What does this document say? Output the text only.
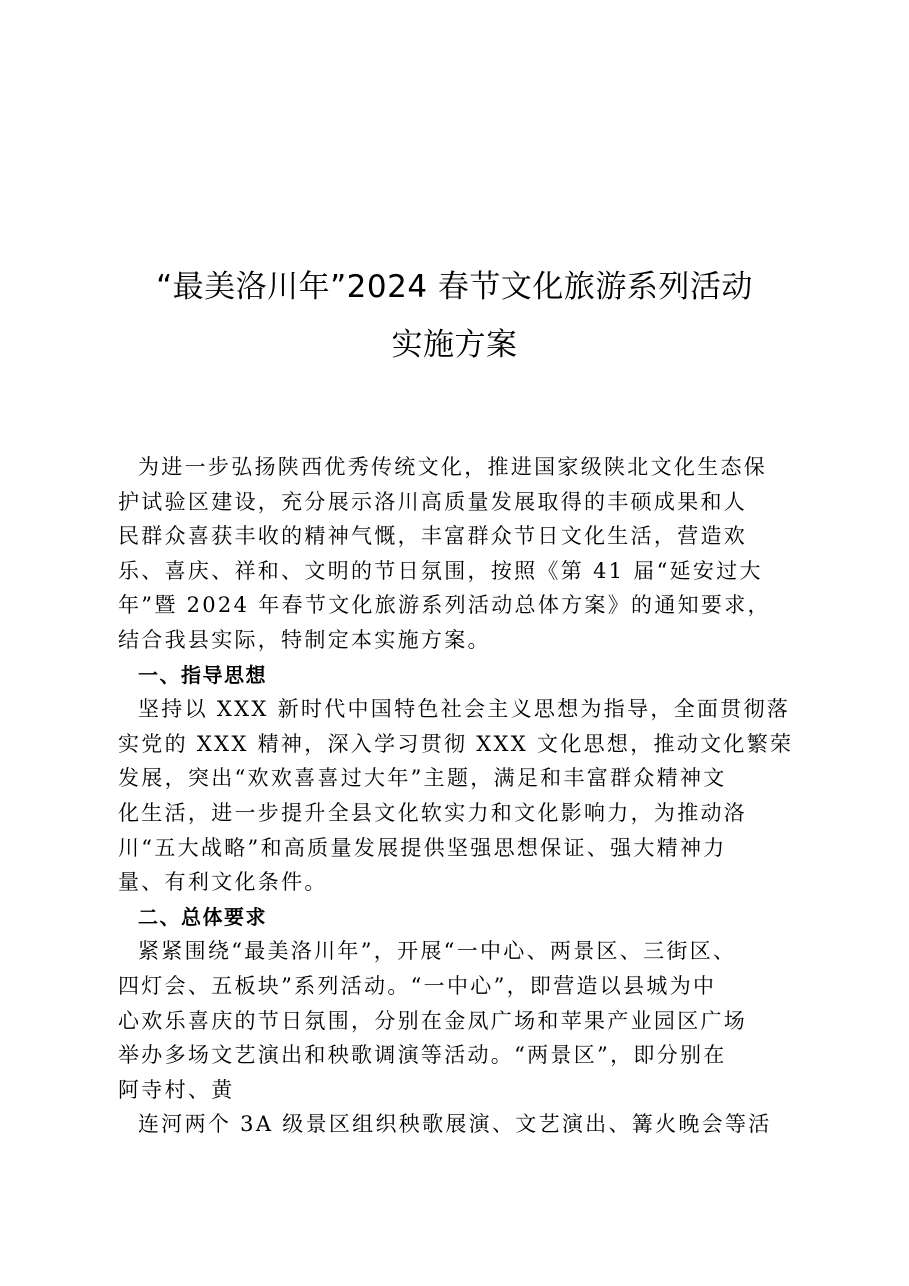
“最美洛川年”2024 春节文化旅游系列活动
实施方案
为进一步弘扬陕西优秀传统文化，推进国家级陕北文化生态保
护试验区建设，充分展示洛川高质量发展取得的丰硕成果和人
民群众喜获丰收的精神气慨，丰富群众节日文化生活，营造欢
乐、喜庆、祥和、文明的节日氛围，按照《第 41 届“延安过大
年”暨 2024 年春节文化旅游系列活动总体方案》的通知要求，
结合我县实际，特制定本实施方案。
一、指导思想
坚持以 XXX 新时代中国特色社会主义思想为指导，全面贯彻落
实党的 XXX 精神，深入学习贯彻 XXX 文化思想，推动文化繁荣
发展，突出“欢欢喜喜过大年”主题，满足和丰富群众精神文
化生活，进一步提升全县文化软实力和文化影响力，为推动洛
川“五大战略”和高质量发展提供坚强思想保证、强大精神力
量、有利文化条件。
二、总体要求
紧紧围绕“最美洛川年”，开展“一中心、两景区、三街区、
四灯会、五板块”系列活动。“一中心”，即营造以县城为中
心欢乐喜庆的节日氛围，分别在金凤广场和苹果产业园区广场
举办多场文艺演出和秧歌调演等活动。“两景区”，即分别在
阿寺村、黄
连河两个 3A 级景区组织秧歌展演、文艺演出、篝火晚会等活
